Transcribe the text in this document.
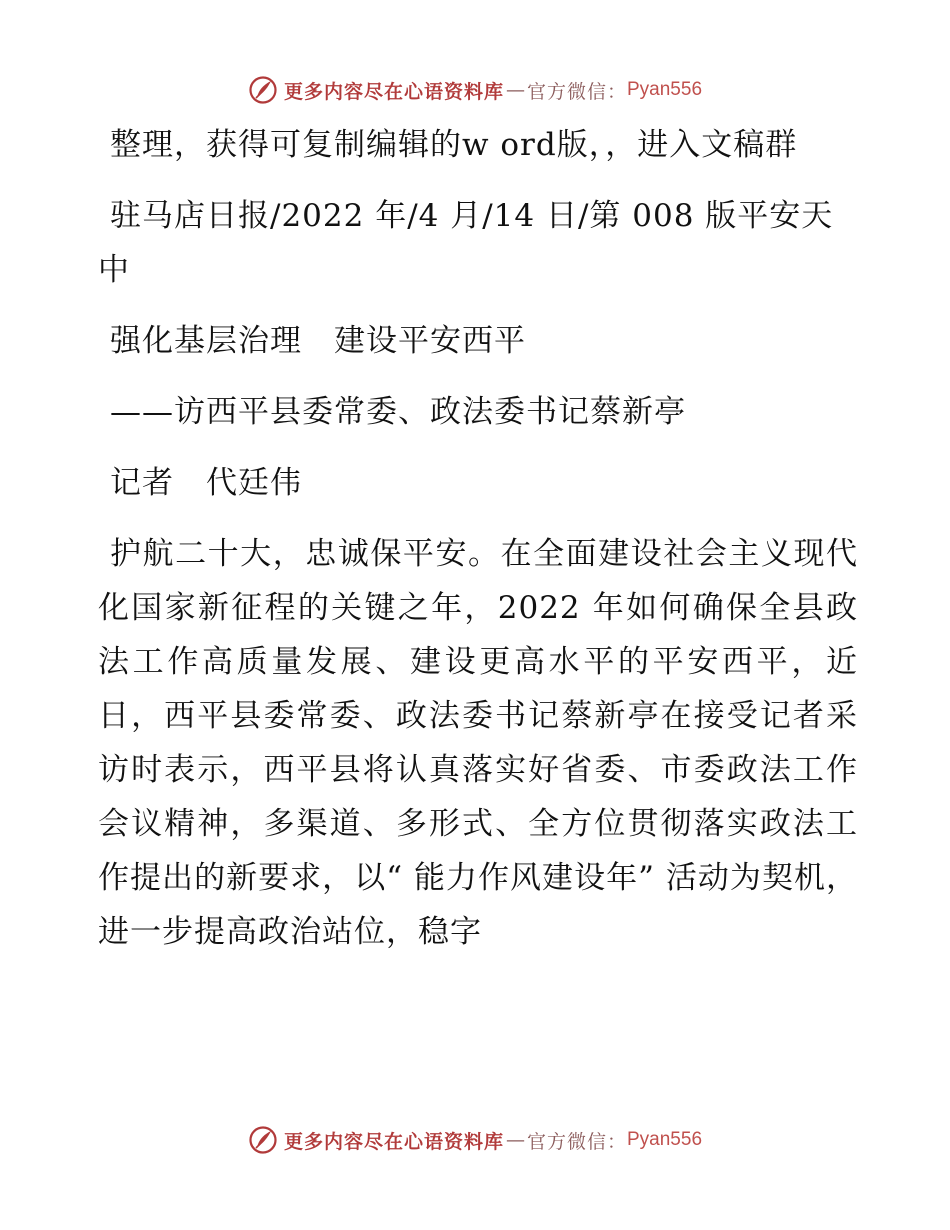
更多内容尽在心语资料库 — 官方微信： Pyan556

整理，获得可复制编辑的w ord版，，进入文稿群

驻马店日报/2022 年/4 月/14 日/第 008 版平安天中

强化基层治理　建设平安西平

——访西平县委常委、政法委书记蔡新亭

记者　代廷伟

护航二十大，忠诚保平安。在全面建设社会主义现代化国家新征程的关键之年，2022 年如何确保全县政法工作高质量发展、建设更高水平的平安西平，近日，西平县委常委、政法委书记蔡新亭在接受记者采访时表示，西平县将认真落实好省委、市委政法工作会议精神，多渠道、多形式、全方位贯彻落实政法工作提出的新要求，以“ 能力作风建设年” 活动为契机，进一步提高政治站位，稳字

更多内容尽在心语资料库 — 官方微信： Pyan556
